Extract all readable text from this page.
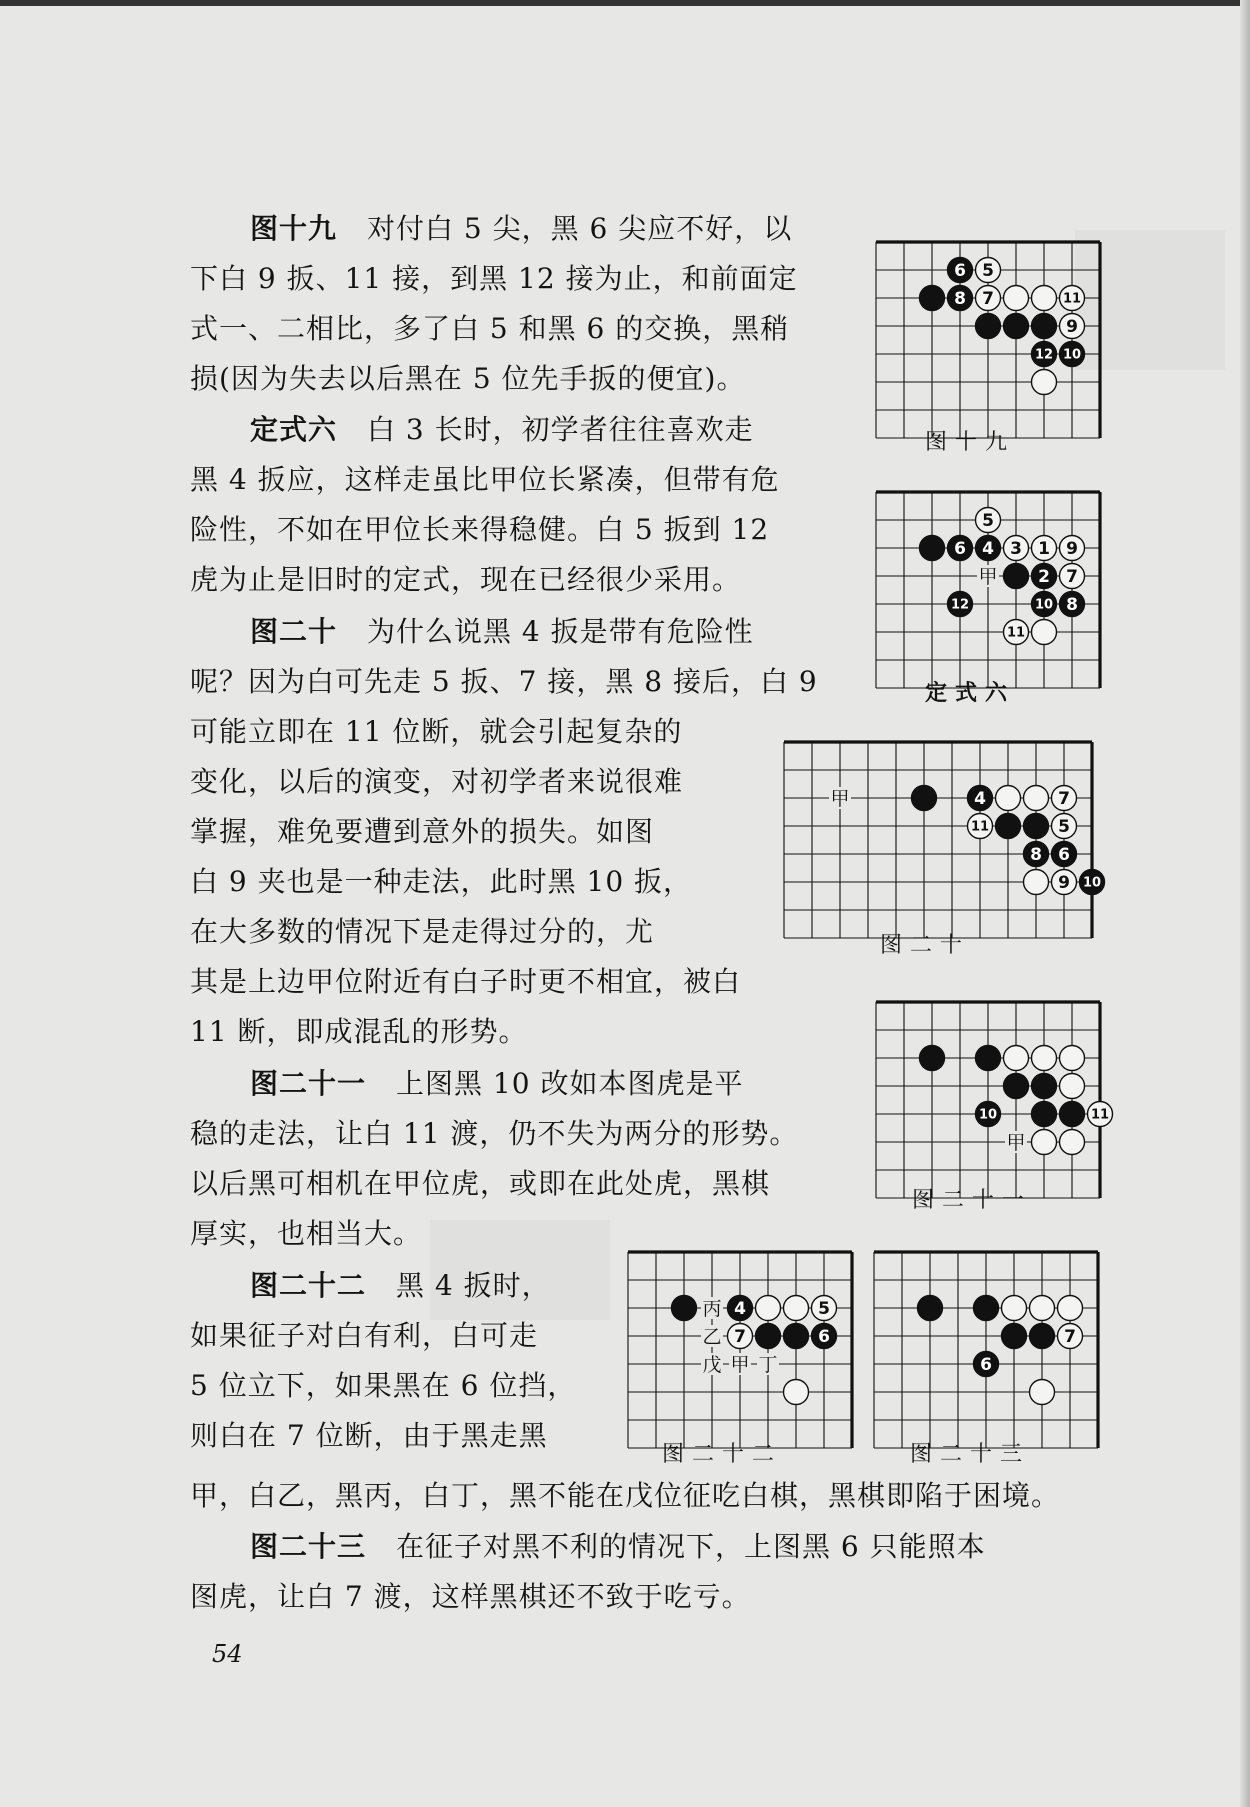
图十九 对付白 5 尖，黑 6 尖应不好，以
下白 9 扳、11 接，到黑 12 接为止，和前面定
式一、二相比，多了白 5 和黑 6 的交换，黑稍
损(因为失去以后黑在 5 位先手扳的便宜)。
定式六 白 3 长时，初学者往往喜欢走
黑 4 扳应，这样走虽比甲位长紧凑，但带有危
险性，不如在甲位长来得稳健。白 5 扳到 12
虎为止是旧时的定式，现在已经很少采用。
图二十 为什么说黑 4 扳是带有危险性
呢？因为白可先走 5 扳、7 接，黑 8 接后，白 9
可能立即在 11 位断，就会引起复杂的
变化，以后的演变，对初学者来说很难
掌握，难免要遭到意外的损失。如图
白 9 夹也是一种走法，此时黑 10 扳，
在大多数的情况下是走得过分的，尤
其是上边甲位附近有白子时更不相宜，被白
11 断，即成混乱的形势。
图二十一 上图黑 10 改如本图虎是平
稳的走法，让白 11 渡，仍不失为两分的形势。
以后黑可相机在甲位虎，或即在此处虎，黑棋
厚实，也相当大。
图二十二 黑 4 扳时，
如果征子对白有利，白可走
5 位立下，如果黑在 6 位挡，
则白在 7 位断，由于黑走黑
甲，白乙，黑丙，白丁，黑不能在戊位征吃白棋，黑棋即陷于困境。
图二十三 在征子对黑不利的情况下，上图黑 6 只能照本
图虎，让白 7 渡，这样黑棋还不致于吃亏。
6 5
8 7	11
9
12 10
图十九
甲
5
6 4 3 1 9
2 7
12	10 8
11
定式六
甲	4	7
11	5
8 6
9 10
图二十
甲
10	11
图二十一
丙
乙
戊 甲 丁
4	5
7	6
图二十二
7
6
图二十三
54
